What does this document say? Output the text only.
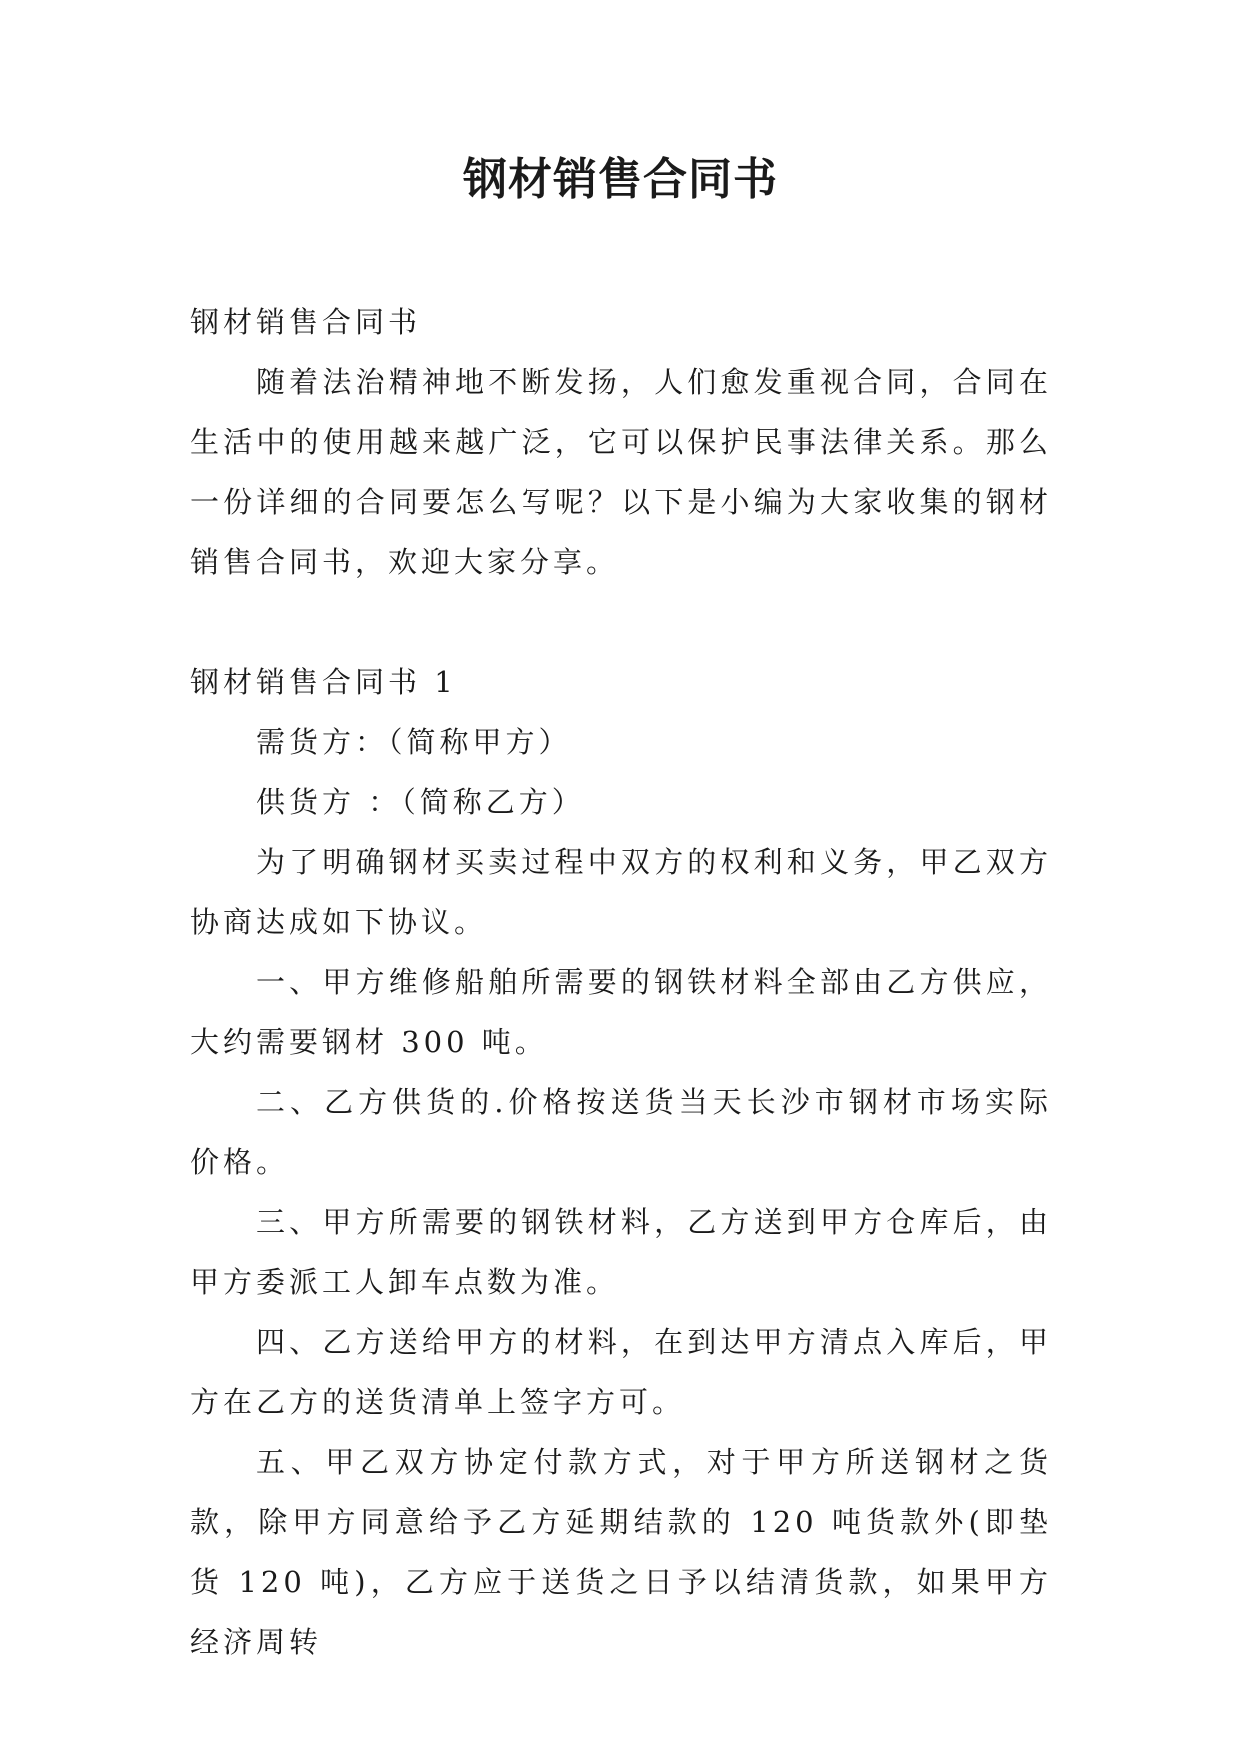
钢材销售合同书

钢材销售合同书

随着法治精神地不断发扬，人们愈发重视合同，合同在生活中的使用越来越广泛，它可以保护民事法律关系。那么一份详细的合同要怎么写呢？以下是小编为大家收集的钢材销售合同书，欢迎大家分享。

钢材销售合同书 1

需货方：（简称甲方）

供货方 ：（简称乙方）

为了明确钢材买卖过程中双方的权利和义务，甲乙双方协商达成如下协议。

一、甲方维修船舶所需要的钢铁材料全部由乙方供应，大约需要钢材 300 吨。

二、乙方供货的.价格按送货当天长沙市钢材市场实际价格。

三、甲方所需要的钢铁材料，乙方送到甲方仓库后，由甲方委派工人卸车点数为准。

四、乙方送给甲方的材料，在到达甲方清点入库后，甲方在乙方的送货清单上签字方可。

五、甲乙双方协定付款方式，对于甲方所送钢材之货款，除甲方同意给予乙方延期结款的 120 吨货款外(即垫货 120 吨)，乙方应于送货之日予以结清货款，如果甲方经济周转
